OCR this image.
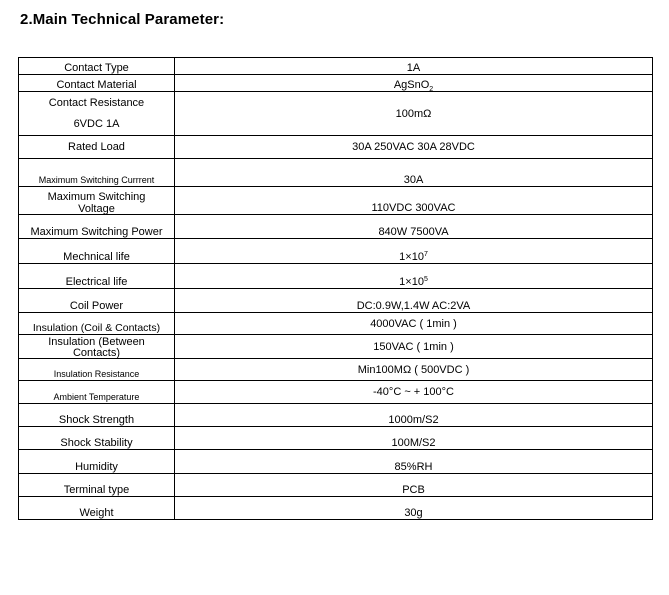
2.Main Technical Parameter:
Contact Type	1A
Contact Material	AgSnO$_2$

Contact Resistance
6VDC 1A	100mΩ
Rated Load	30A 250VAC 30A 28VDC
Maximum Switching Currrent	30A

Maximum Switching
Voltage	110VDC 300VAC
Maximum Switching Power	840W 7500VA
Mechnical life	$1\times 10^7$
Electrical life	$1\times 10^5$
Coil Power	DC:0.9W,1.4W AC:2VA
Insulation (Coil & Contacts)	4000VAC ( 1min )

Insulation (Between
Contacts)	150VAC ( 1min )
Insulation Resistance	Min100MΩ ( 500VDC )
Ambient Temperature	-40°C ~ + 100°C
Shock Strength	1000m/S2
Shock Stability	100M/S2
Humidity	85%RH
Terminal type	PCB
Weight	30g
